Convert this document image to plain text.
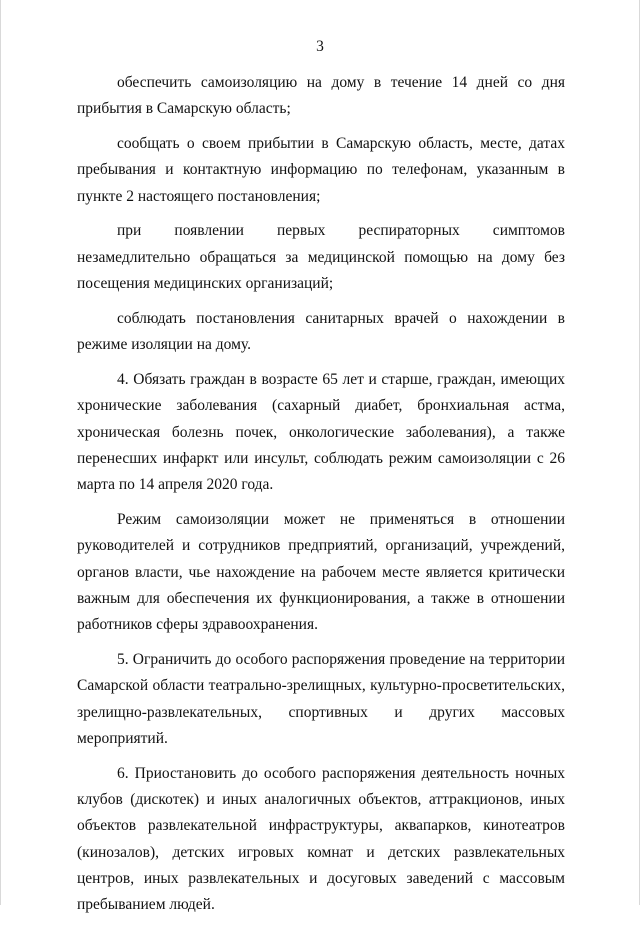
3

обеспечить самоизоляцию на дому в течение 14 дней со дня прибытия в Самарскую область;

сообщать о своем прибытии в Самарскую область, месте, датах пребывания и контактную информацию по телефонам, указанным в пункте 2 настоящего постановления;

при появлении первых респираторных симптомов незамедлительно обращаться за медицинской помощью на дому без посещения медицинских организаций;

соблюдать постановления санитарных врачей о нахождении в режиме изоляции на дому.

4. Обязать граждан в возрасте 65 лет и старше, граждан, имеющих хронические заболевания (сахарный диабет, бронхиальная астма, хроническая болезнь почек, онкологические заболевания), а также перенесших инфаркт или инсульт, соблюдать режим самоизоляции с 26 марта по 14 апреля 2020 года.

Режим самоизоляции может не применяться в отношении руководителей и сотрудников предприятий, организаций, учреждений, органов власти, чье нахождение на рабочем месте является критически важным для обеспечения их функционирования, а также в отношении работников сферы здравоохранения.

5. Ограничить до особого распоряжения проведение на территории Самарской области театрально-зрелищных, культурно-просветительских, зрелищно-развлекательных, спортивных и других массовых мероприятий.

6. Приостановить до особого распоряжения деятельность ночных клубов (дискотек) и иных аналогичных объектов, аттракционов, иных объектов развлекательной инфраструктуры, аквапарков, кинотеатров (кинозалов), детских игровых комнат и детских развлекательных центров, иных развлекательных и досуговых заведений с массовым пребыванием людей.
